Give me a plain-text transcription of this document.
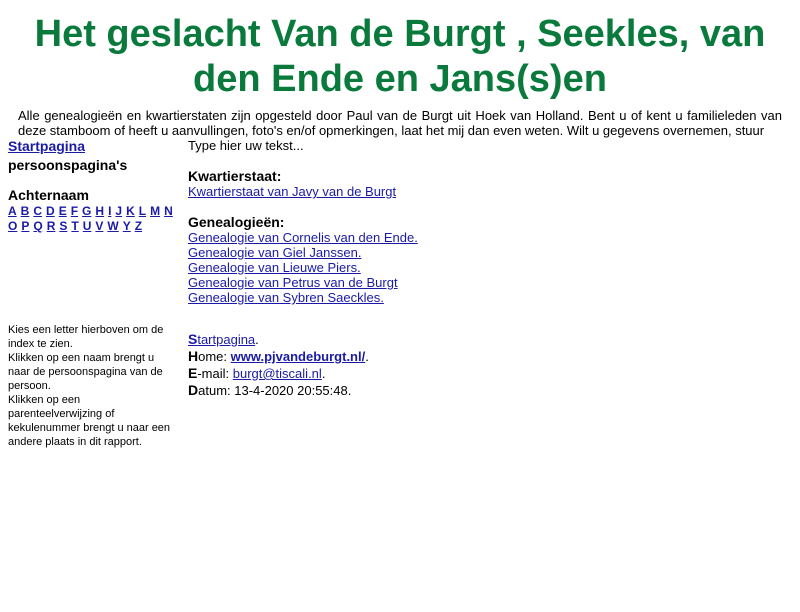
Het geslacht Van de Burgt , Seekles, van den Ende en Jans(s)en
Alle genealogieën en kwartierstaten zijn opgesteld door Paul van de Burgt uit Hoek van Holland. Bent u of kent u familieleden van deze stamboom of heeft u aanvullingen, foto's en/of opmerkingen, laat het mij dan even weten. Wilt u gegevens overnemen, stuur
Startpagina
persoonspagina's
Achternaam
A B C D E F G H I J K L M N
O P Q R S T U V W Y Z
Kies een letter hierboven om de index te zien.
Klikken op een naam brengt u naar de persoonspagina van de persoon.
Klikken op een parenteelverwijzing of kekulenummer brengt u naar een andere plaats in dit rapport.
Type hier uw tekst...
Kwartierstaat:
Kwartierstaat van Javy van de Burgt
Genealogieën:
Genealogie van Cornelis van den Ende.
Genealogie van Giel Janssen.
Genealogie van Lieuwe Piers.
Genealogie van Petrus van de Burgt
Genealogie van Sybren Saeckles.
Startpagina.
Home: www.pjvandeburgt.nl/.
E-mail: burgt@tiscali.nl.
Datum: 13-4-2020 20:55:48.
